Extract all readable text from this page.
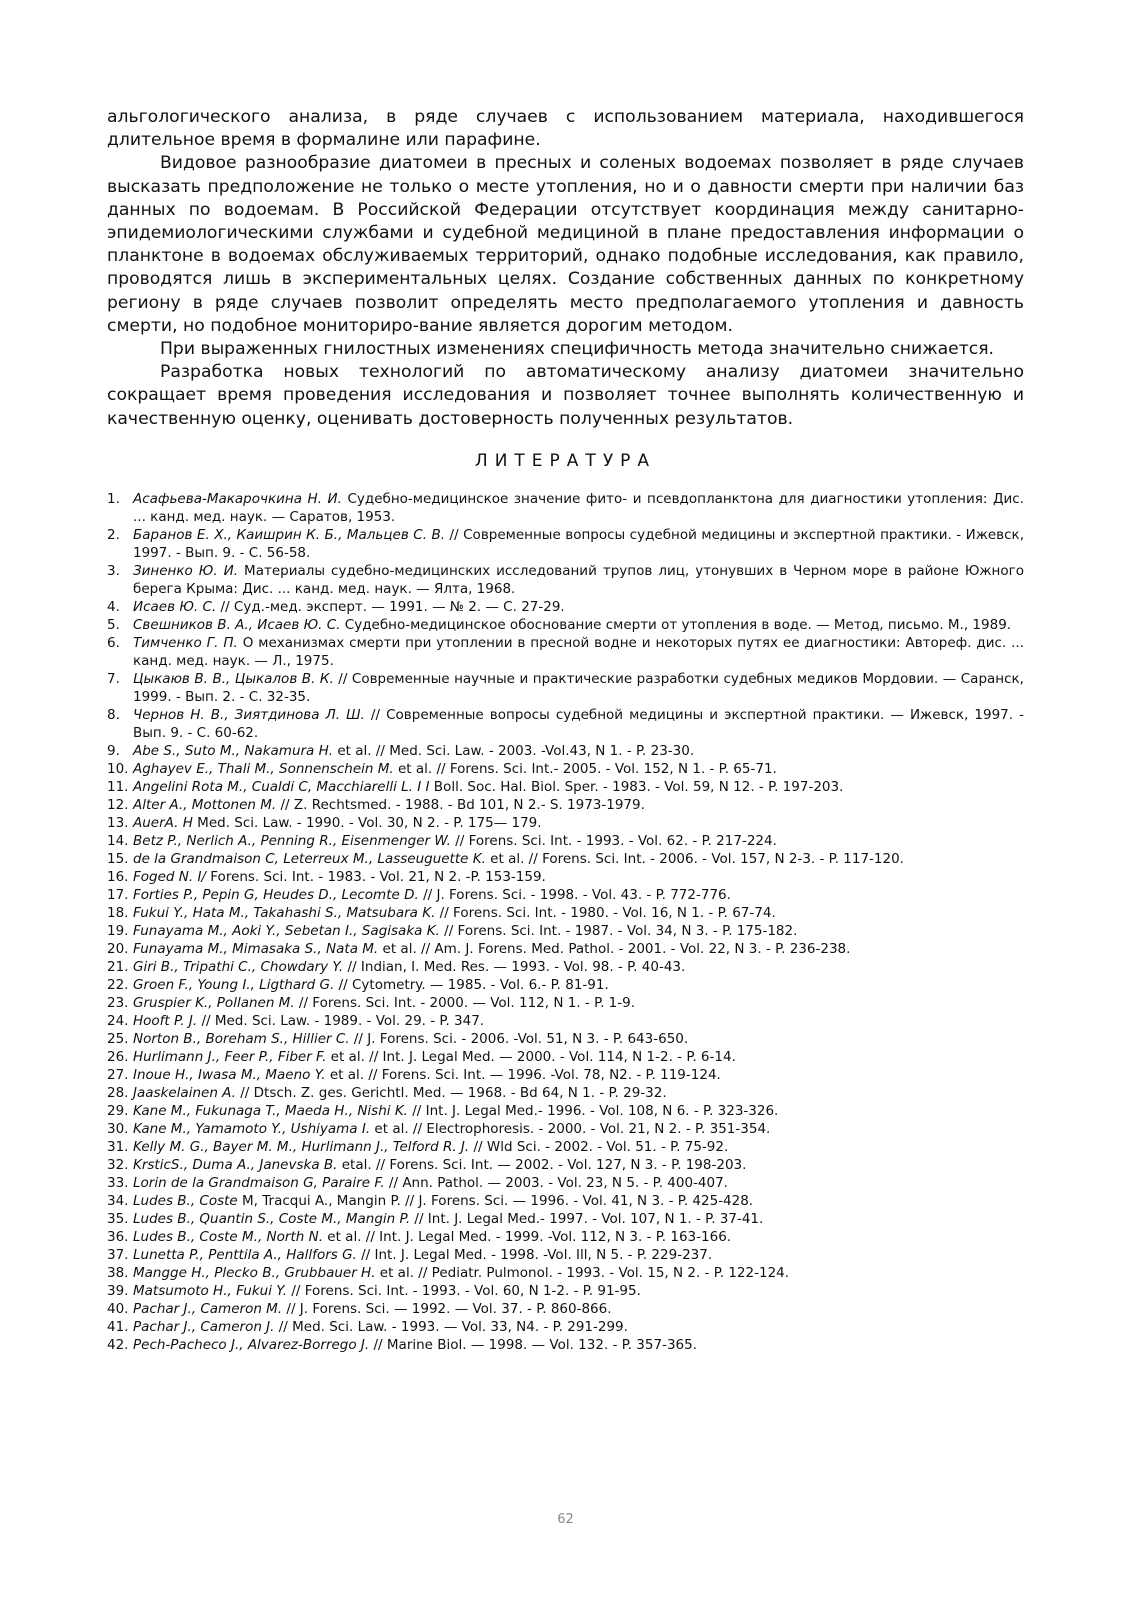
альгологического анализа, в ряде случаев с использованием материала, находившегося длительное время в формалине или парафине.

Видовое разнообразие диатомеи в пресных и соленых водоемах позволяет в ряде случаев высказать предположение не только о месте утопления, но и о давности смерти при наличии баз данных по водоемам. В Российской Федерации отсутствует координация между санитарно-эпидемиологическими службами и судебной медициной в плане предоставления информации о планктоне в водоемах обслуживаемых территорий, однако подобные исследования, как правило, проводятся лишь в экспериментальных целях. Создание собственных данных по конкретному региону в ряде случаев позволит определять место предполагаемого утопления и давность смерти, но подобное мониториро-вание является дорогим методом.

При выраженных гнилостных изменениях специфичность метода значительно снижается.

Разработка новых технологий по автоматическому анализу диатомеи значительно сокращает время проведения исследования и позволяет точнее выполнять количественную и качественную оценку, оценивать достоверность полученных результатов.

ЛИТЕРАТУРА
1. Асафьева-Макарочкина Н. И. Судебно-медицинское значение фито- и псевдопланктона для диагностики утопления: Дис. ... канд. мед. наук. — Саратов, 1953.
2. Баранов Е. Х., Каишрин К. Б., Мальцев С. В. // Современные вопросы судебной медицины и экспертной практики. - Ижевск, 1997. - Вып. 9. - С. 56-58.
3. Зиненко Ю. И. Материалы судебно-медицинских исследований трупов лиц, утонувших в Черном море в районе Южного берега Крыма: Дис. ... канд. мед. наук. — Ялта, 1968.
4. Исаев Ю. С. // Суд.-мед. эксперт. — 1991. — № 2. — С. 27-29.
5. Свешников В. А., Исаев Ю. С. Судебно-медицинское обоснование смерти от утопления в воде. — Метод, письмо. М., 1989.
6. Тимченко Г. П. О механизмах смерти при утоплении в пресной водне и некоторых путях ее диагностики: Автореф. дис. ... канд. мед. наук. — Л., 1975.
7. Цыкаюв В. В., Цыкалов В. К. // Современные научные и практические разработки судебных медиков Мордовии. — Саранск, 1999. - Вып. 2. - С. 32-35.
8. Чернов Н. В., Зиятдинова Л. Ш. // Современные вопросы судебной медицины и экспертной практики. — Ижевск, 1997. - Вып. 9. - С. 60-62.
9. Abe S., Suto M., Nakamura H. et al. // Med. Sci. Law. - 2003. -Vol.43, N 1. - P. 23-30.
10. Aghayev E., Thali M., Sonnenschein M. et al. // Forens. Sci. Int.- 2005. - Vol. 152, N 1. - P. 65-71.
11. Angelini Rota M., Cualdi C, Macchiarelli L. I I Boll. Soc. Hal. Biol. Sper. - 1983. - Vol. 59, N 12. - P. 197-203.
12. Alter A., Mottonen M. // Z. Rechtsmed. - 1988. - Bd 101, N 2.- S. 1973-1979.
13. AuerA. H Med. Sci. Law. - 1990. - Vol. 30, N 2. - P. 175— 179.
14. Betz P., Nerlich A., Penning R., Eisenmenger W. // Forens. Sci. Int. - 1993. - Vol. 62. - P. 217-224.
15. de la Grandmaison C, Leterreux M., Lasseuguette K. et al. // Forens. Sci. Int. - 2006. - Vol. 157, N 2-3. - P. 117-120.
16. Foged N. I/ Forens. Sci. Int. - 1983. - Vol. 21, N 2. -P. 153-159.
17. Forties P., Pepin G, Heudes D., Lecomte D. // J. Forens. Sci. - 1998. - Vol. 43. - P. 772-776.
18. Fukui Y., Hata M., Takahashi S., Matsubara K. // Forens. Sci. Int. - 1980. - Vol. 16, N 1. - P. 67-74.
19. Funayama M., Aoki Y., Sebetan I., Sagisaka K. // Forens. Sci. Int. - 1987. - Vol. 34, N 3. - P. 175-182.
20. Funayama M., Mimasaka S., Nata M. et al. // Am. J. Forens. Med. Pathol. - 2001. - Vol. 22, N 3. - P. 236-238.
21. Giri B., Tripathi C., Chowdary Y. // Indian, I. Med. Res. — 1993. - Vol. 98. - P. 40-43.
22. Groen F., Young I., Ligthard G. // Cytometry. — 1985. - Vol. 6.- P. 81-91.
23. Gruspier K., Pollanen M. // Forens. Sci. Int. - 2000. — Vol. 112, N 1. - P. 1-9.
24. Hooft P. J. // Med. Sci. Law. - 1989. - Vol. 29. - P. 347.
25. Norton B., Boreham S., Hillier C. // J. Forens. Sci. - 2006. -Vol. 51, N 3. - P. 643-650.
26. Hurlimann J., Feer P., Fiber F. et al. // Int. J. Legal Med. — 2000. - Vol. 114, N 1-2. - P. 6-14.
27. Inoue H., Iwasa M., Maeno Y. et al. // Forens. Sci. Int. — 1996. -Vol. 78, N2. - P. 119-124.
28. Jaaskelainen A. // Dtsch. Z. ges. Gerichtl. Med. — 1968. - Bd 64, N 1. - P. 29-32.
29. Kane M., Fukunaga T., Maeda H., Nishi K. // Int. J. Legal Med.- 1996. - Vol. 108, N 6. - P. 323-326.
30. Kane M., Yamamoto Y., Ushiyama I. et al. // Electrophoresis. - 2000. - Vol. 21, N 2. - P. 351-354.
31. Kelly M. G., Bayer M. M., Hurlimann J., Telford R. J. // Wld Sci. - 2002. - Vol. 51. - P. 75-92.
32. KrsticS., Duma A., Janevska B. etal. // Forens. Sci. Int. — 2002. - Vol. 127, N 3. - P. 198-203.
33. Lorin de la Grandmaison G, Paraire F. // Ann. Pathol. — 2003. - Vol. 23, N 5. - P. 400-407.
34. Ludes B., Coste M, Tracqui A., Mangin P. // J. Forens. Sci. — 1996. - Vol. 41, N 3. - P. 425-428.
35. Ludes B., Quantin S., Coste M., Mangin P. // Int. J. Legal Med.- 1997. - Vol. 107, N 1. - P. 37-41.
36. Ludes B., Coste M., North N. et al. // Int. J. Legal Med. - 1999. -Vol. 112, N 3. - P. 163-166.
37. Lunetta P., Penttila A., Hallfors G. // Int. J. Legal Med. - 1998. -Vol. Ill, N 5. - P. 229-237.
38. Mangge H., Plecko B., Grubbauer H. et al. // Pediatr. Pulmonol. - 1993. - Vol. 15, N 2. - P. 122-124.
39. Matsumoto H., Fukui Y. // Forens. Sci. Int. - 1993. - Vol. 60, N 1-2. - P. 91-95.
40. Pachar J., Cameron M. // J. Forens. Sci. — 1992. — Vol. 37. - P. 860-866.
41. Pachar J., Cameron J. // Med. Sci. Law. - 1993. — Vol. 33, N4. - P. 291-299.
42. Pech-Pacheco J., Alvarez-Borrego J. // Marine Biol. — 1998. — Vol. 132. - P. 357-365.
62
